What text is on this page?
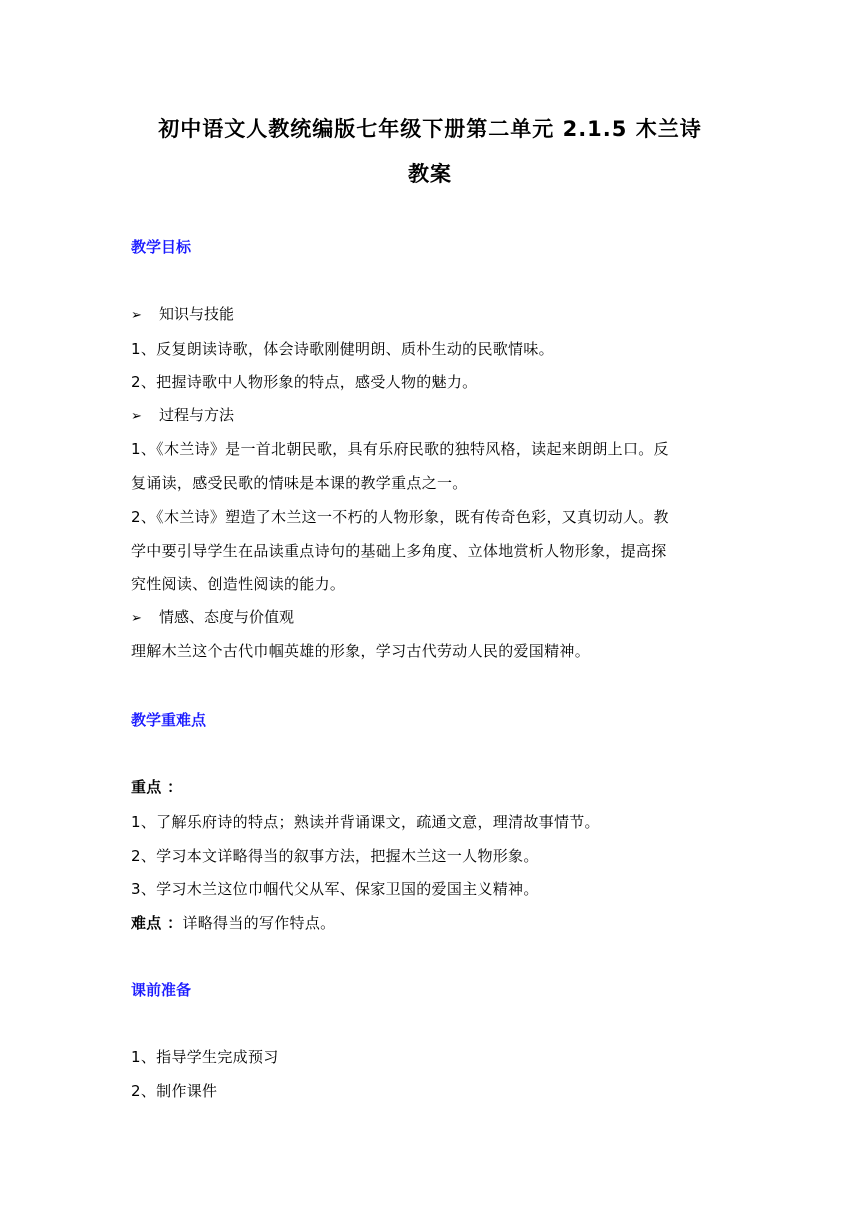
初中语文人教统编版七年级下册第二单元 2.1.5 木兰诗
教案
教学目标
➢ 知识与技能
1、反复朗读诗歌，体会诗歌刚健明朗、质朴生动的民歌情味。
2、把握诗歌中人物形象的特点，感受人物的魅力。
➢ 过程与方法
1、《木兰诗》是一首北朝民歌，具有乐府民歌的独特风格，读起来朗朗上口。反
复诵读，感受民歌的情味是本课的教学重点之一。
2、《木兰诗》塑造了木兰这一不朽的人物形象，既有传奇色彩，又真切动人。教
学中要引导学生在品读重点诗句的基础上多角度、立体地赏析人物形象，提高探
究性阅读、创造性阅读的能力。
➢ 情感、态度与价值观
理解木兰这个古代巾帼英雄的形象，学习古代劳动人民的爱国精神。
教学重难点
重点 ：
1、了解乐府诗的特点；熟读并背诵课文，疏通文意，理清故事情节。
2、学习本文详略得当的叙事方法，把握木兰这一人物形象。
3、学习木兰这位巾帼代父从军、保家卫国的爱国主义精神。
难点 ：详略得当的写作特点。
课前准备
1、指导学生完成预习
2、制作课件
